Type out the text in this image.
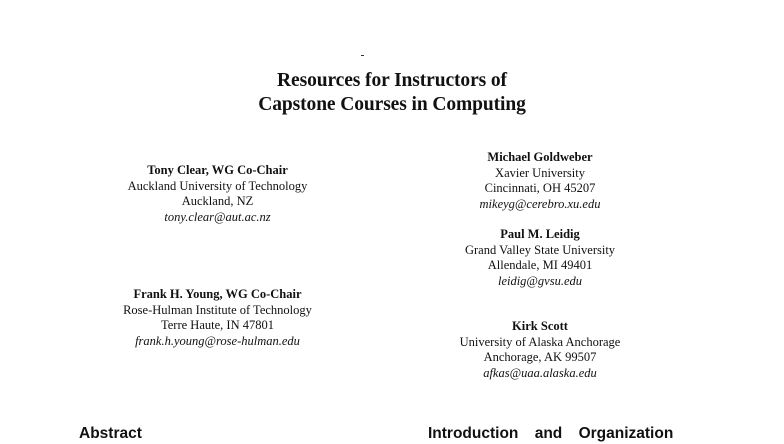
Resources for Instructors of
Capstone Courses in Computing
Tony Clear, WG Co-Chair
Auckland University of Technology
Auckland, NZ
tony.clear@aut.ac.nz
Frank H. Young, WG Co-Chair
Rose-Hulman Institute of Technology
Terre Haute, IN 47801
frank.h.young@rose-hulman.edu
Michael Goldweber
Xavier University
Cincinnati, OH 45207
mikeyg@cerebro.xu.edu
Paul M. Leidig
Grand Valley State University
Allendale, MI 49401
leidig@gvsu.edu
Kirk Scott
University of Alaska Anchorage
Anchorage, AK 99507
afkas@uaa.alaska.edu
Abstract	Introduction and Organization
